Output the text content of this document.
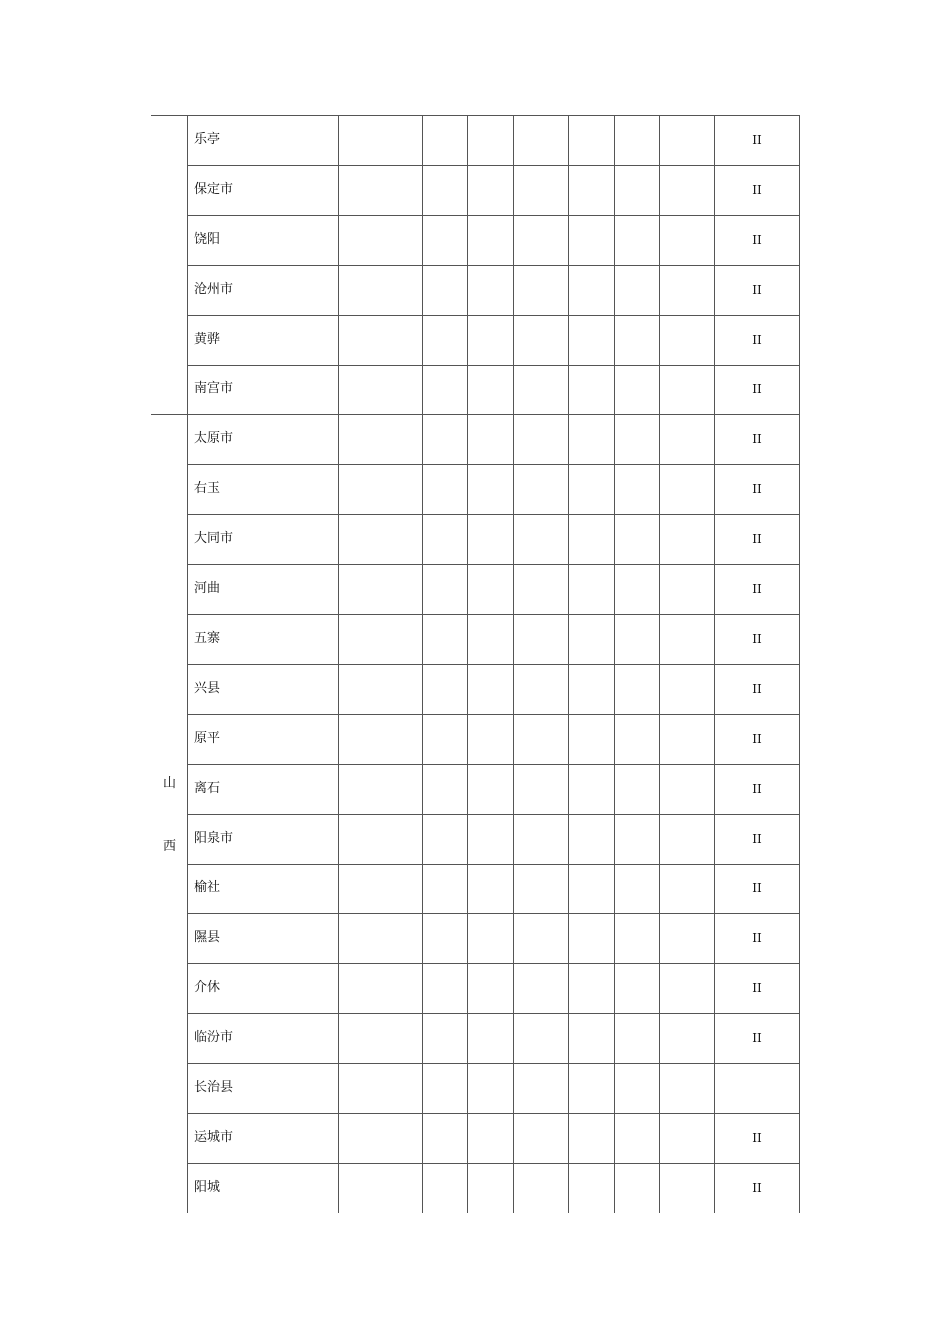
乐亭	II
保定市	II
饶阳	II
沧州市	II
黄骅	II
南宫市	II
太原市	II
右玉	II
大同市	II
河曲	II
五寨	II
兴县	II
原平	II
离石	II
阳泉市	II
榆社	II
隰县	II
介休	II
临汾市	II
长治县
运城市	II
阳城	II
山
西
